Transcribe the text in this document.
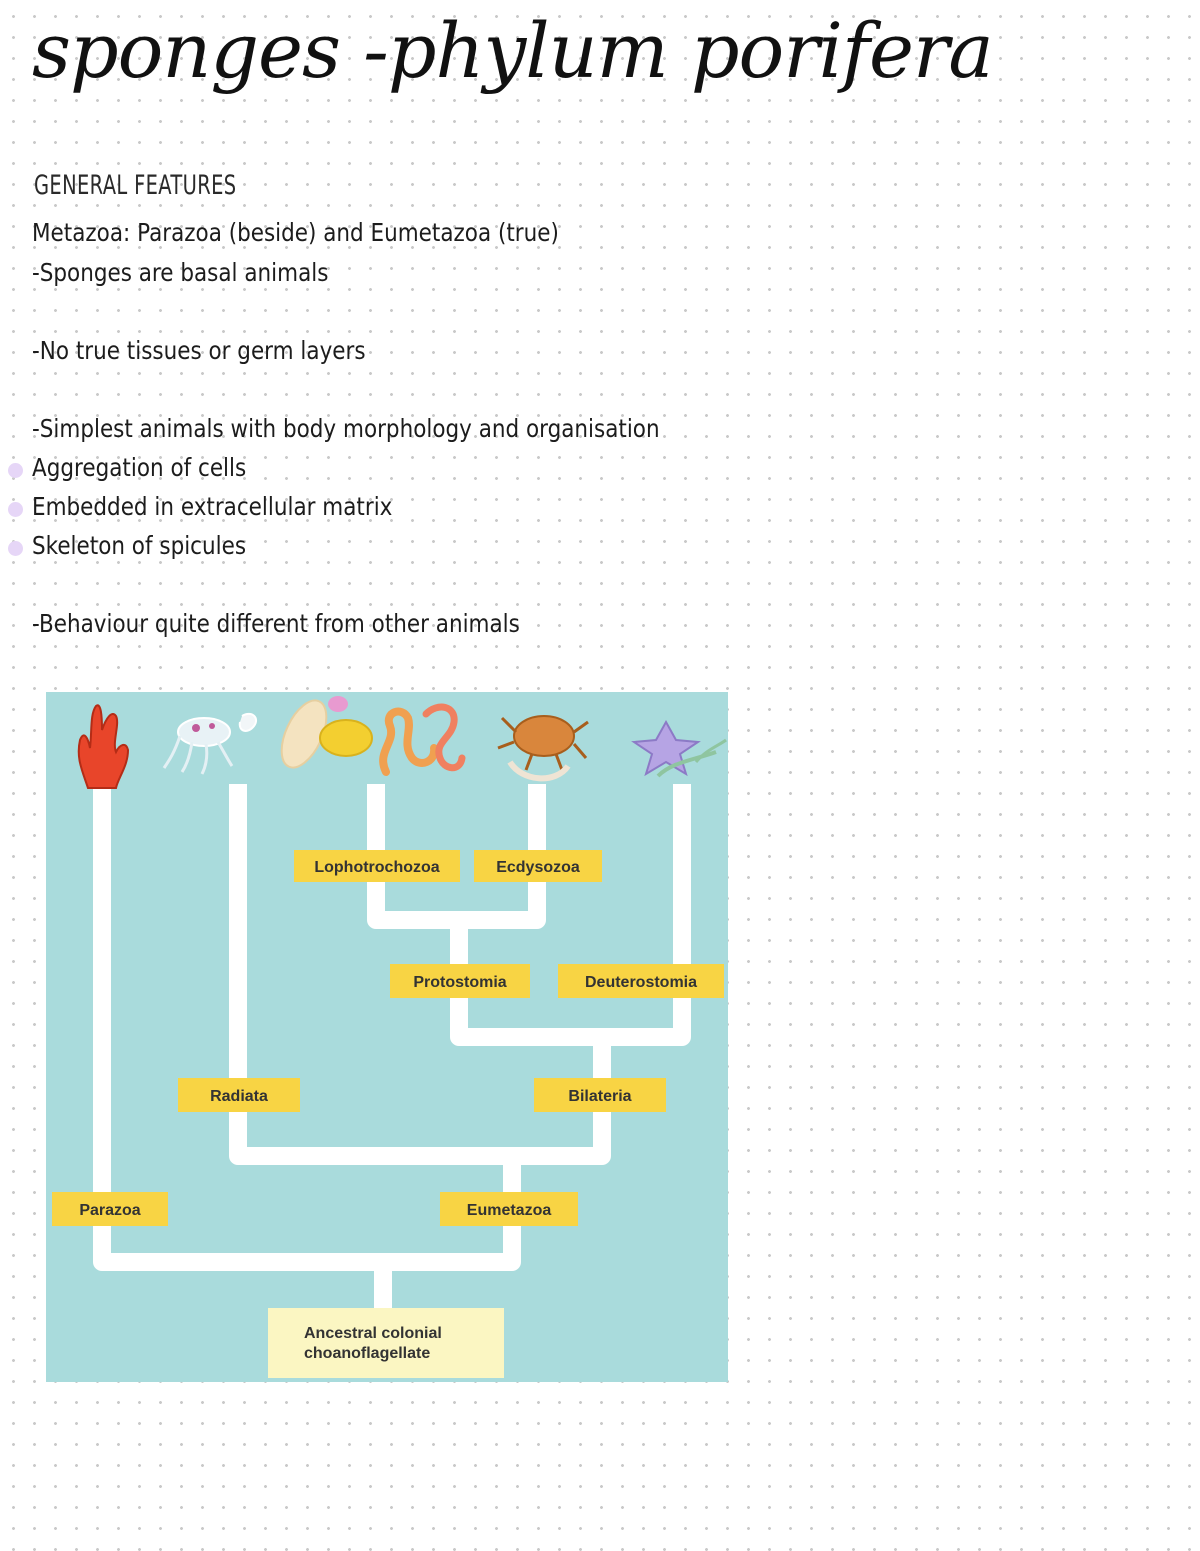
sponges -phylum porifera
GENERAL FEATURES
Metazoa: Parazoa (beside) and Eumetazoa (true)
-Sponges are basal animals
-No true tissues or germ layers
-Simplest animals with body morphology and organisation
Aggregation of cells
Embedded in extracellular matrix
Skeleton of spicules
-Behaviour quite different from other animals
Lophotrochozoa	Ecdysozoa
Protostomia	Deuterostomia
Radiata	Bilateria
Parazoa	Eumetazoa
Ancestral colonial
choanoflagellate
